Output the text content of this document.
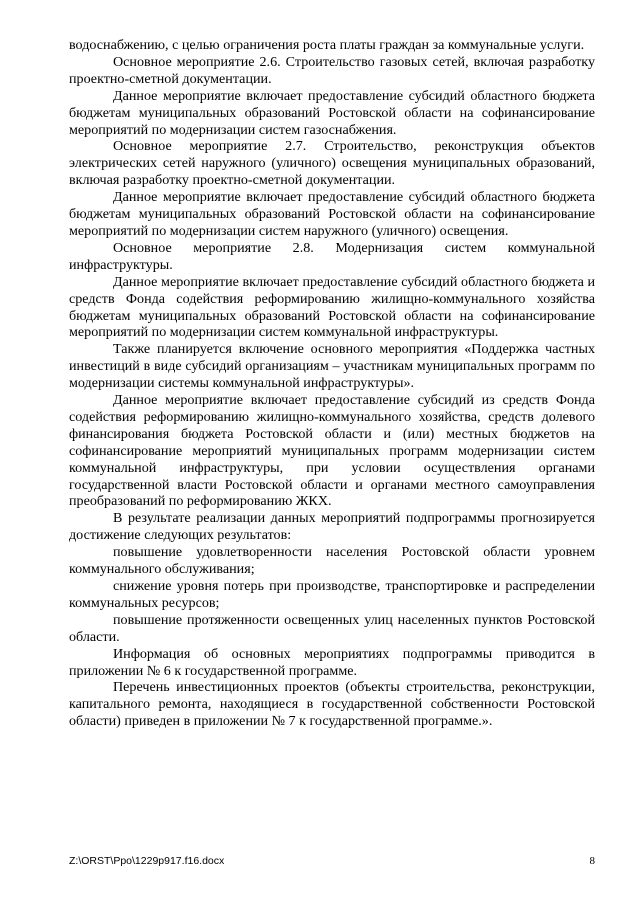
водоснабжению, с целью ограничения роста платы граждан за коммунальные услуги.

Основное мероприятие 2.6. Строительство газовых сетей, включая разработку проектно-сметной документации.

Данное мероприятие включает предоставление субсидий областного бюджета бюджетам муниципальных образований Ростовской области на софинансирование мероприятий по модернизации систем газоснабжения.

Основное мероприятие 2.7. Строительство, реконструкция объектов электрических сетей наружного (уличного) освещения муниципальных образований, включая разработку проектно-сметной документации.

Данное мероприятие включает предоставление субсидий областного бюджета бюджетам муниципальных образований Ростовской области на софинансирование мероприятий по модернизации систем наружного (уличного) освещения.

Основное мероприятие 2.8. Модернизация систем коммунальной инфраструктуры.

Данное мероприятие включает предоставление субсидий областного бюджета и средств Фонда содействия реформированию жилищно-коммунального хозяйства бюджетам муниципальных образований Ростовской области на софинансирование мероприятий по модернизации систем коммунальной инфраструктуры.

Также планируется включение основного мероприятия «Поддержка частных инвестиций в виде субсидий организациям – участникам муниципальных программ по модернизации системы коммунальной инфраструктуры».

Данное мероприятие включает предоставление субсидий из средств Фонда содействия реформированию жилищно-коммунального хозяйства, средств долевого финансирования бюджета Ростовской области и (или) местных бюджетов на софинансирование мероприятий муниципальных программ модернизации систем коммунальной инфраструктуры, при условии осуществления органами государственной власти Ростовской области и органами местного самоуправления преобразований по реформированию ЖКХ.

В результате реализации данных мероприятий подпрограммы прогнозируется достижение следующих результатов:

повышение удовлетворенности населения Ростовской области уровнем коммунального обслуживания;

снижение уровня потерь при производстве, транспортировке и распределении коммунальных ресурсов;

повышение протяженности освещенных улиц населенных пунктов Ростовской области.

Информация об основных мероприятиях подпрограммы приводится в приложении № 6 к государственной программе.

Перечень инвестиционных проектов (объекты строительства, реконструкции, капитального ремонта, находящиеся в государственной собственности Ростовской области) приведен в приложении № 7 к государственной программе.».

Z:\ORST\Ppo\1229p917.f16.docx	8
